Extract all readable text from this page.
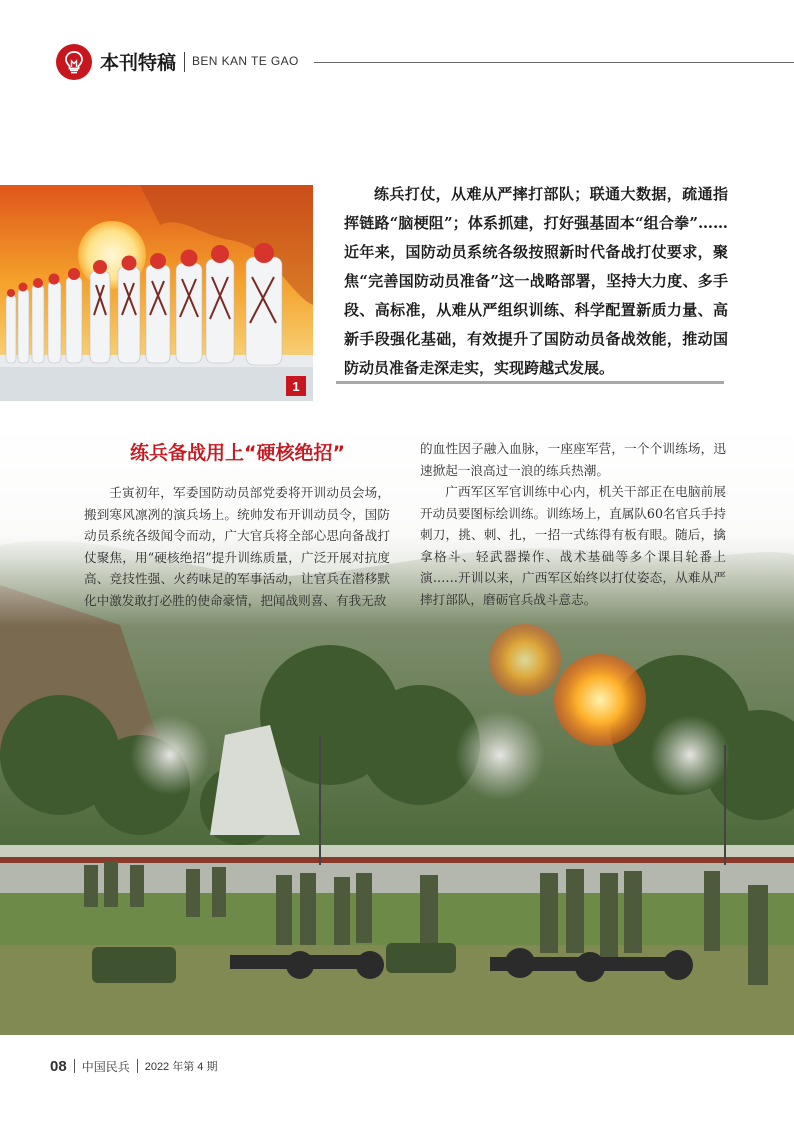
本刊特稿 BEN KAN TE GAO
1

练兵打仗，从难从严摔打部队；联通大数据，疏通指挥链路“脑梗阻”；体系抓建，打好强基固本“组合拳”……近年来，国防动员系统各级按照新时代备战打仗要求，聚焦“完善国防动员准备”这一战略部署，坚持大力度、多手段、高标准，从难从严组织训练、科学配置新质力量、高新手段强化基础，有效提升了国防动员备战效能，推动国防动员准备走深走实，实现跨越式发展。

练兵备战用上“硬核绝招”

壬寅初年，军委国防动员部党委将开训动员会场，搬到寒风凛冽的演兵场上。统帅发布开训动员令，国防动员系统各级闻令而动，广大官兵将全部心思向备战打仗聚焦，用“硬核绝招”提升训练质量，广泛开展对抗度高、竞技性强、火药味足的军事活动，让官兵在潜移默化中激发敢打必胜的使命豪情，把闻战则喜、有我无敌

的血性因子融入血脉，一座座军营，一个个训练场，迅速掀起一浪高过一浪的练兵热潮。

广西军区军官训练中心内，机关干部正在电脑前展开动员要图标绘训练。训练场上，直属队60名官兵手持刺刀，挑、刺、扎，一招一式练得有板有眼。随后，擒拿格斗、轻武器操作、战术基础等多个课目轮番上演……开训以来，广西军区始终以打仗姿态，从难从严摔打部队，磨砺官兵战斗意志。

08 中国民兵 2022 年第 4 期
